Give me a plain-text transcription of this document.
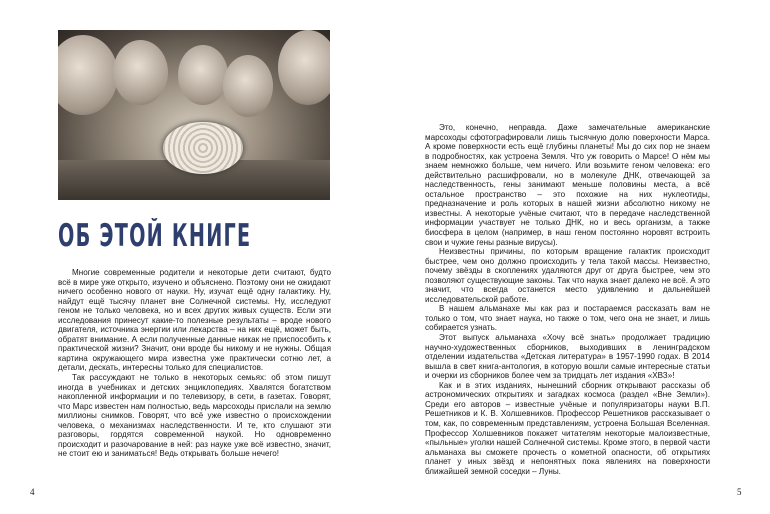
ОБ ЭТОЙ КНИГЕ

Многие современные родители и некоторые дети считают, будто всё в мире уже открыто, изучено и объяснено. Поэтому они не ожидают ничего особенно нового от науки. Ну, изучат ещё одну галактику. Ну, найдут ещё тысячу планет вне Солнечной системы. Ну, исследуют геном не только человека, но и всех других живых существ. Если эти исследования принесут какие-то полезные результаты – вроде нового двигателя, источника энергии или лекарства – на них ещё, может быть, обратят внимание. А если полученные данные никак не приспособить к практической жизни? Значит, они вроде бы никому и не нужны. Общая картина окружающего мира известна уже практически сотню лет, а детали, дескать, интересны только для специалистов.

Так рассуждают не только в некоторых семьях: об этом пишут иногда в учебниках и детских энциклопедиях. Хвалятся богатством накопленной информации и по телевизору, в сети, в газетах. Говорят, что Марс известен нам полностью, ведь марсоходы прислали на землю миллионы снимков. Говорят, что всё уже известно о происхождении человека, о механизмах наследственности. И те, кто слушают эти разговоры, гордятся современной наукой. Но одновременно происходит и разочарование в ней: раз науке уже всё известно, значит, не стоит ею и заниматься! Ведь открывать больше нечего!

4

Это, конечно, неправда. Даже замечательные американские марсоходы сфотографировали лишь тысячную долю поверхности Марса. А кроме поверхности есть ещё глубины планеты! Мы до сих пор не знаем в подробностях, как устроена Земля. Что уж говорить о Марсе! О нём мы знаем немножко больше, чем ничего. Или возьмите геном человека: его действительно расшифровали, но в молекуле ДНК, отвечающей за наследственность, гены занимают меньше половины места, а всё остальное пространство – это похожие на них нуклеотиды, предназначение и роль которых в нашей жизни абсолютно никому не известны. А некоторые учёные считают, что в передаче наследственной информации участвует не только ДНК, но и весь организм, а также биосфера в целом (например, в наш геном постоянно норовят встроить свои и чужие гены разные вирусы).

Неизвестны причины, по которым вращение галактик происходит быстрее, чем оно должно происходить у тела такой массы. Неизвестно, почему звёзды в скоплениях удаляются друг от друга быстрее, чем это позволяют существующие законы. Так что наука знает далеко не всё. А это значит, что всегда останется место удивлению и дальнейшей исследовательской работе.

В нашем альманахе мы как раз и постараемся рассказать вам не только о том, что знает наука, но также о том, чего она не знает, и лишь собирается узнать.

Этот выпуск альманаха «Хочу всё знать» продолжает традицию научно-художественных сборников, выходивших в ленинградском отделении издательства «Детская литература» в 1957-1990 годах. В 2014 вышла в свет книга-антология, в которую вошли самые интересные статьи и очерки из сборников более чем за тридцать лет издания «ХВЗ»!

Как и в этих изданиях, нынешний сборник открывают рассказы об астрономических открытиях и загадках космоса (раздел «Вне Земли»). Среди его авторов – известные учёные и популяризаторы науки В.П. Решетников и К. В. Холшевников. Профессор Решетников рассказывает о том, как, по современным представлениям, устроена Большая Вселенная. Профессор Холшевников покажет читателям некоторые малоизвестные, «пыльные» уголки нашей Солнечной системы. Кроме этого, в первой части альманаха вы сможете прочесть о кометной опасности, об открытиях планет у иных звёзд и непонятных пока явлениях на поверхности ближайшей земной соседки – Луны.

5
